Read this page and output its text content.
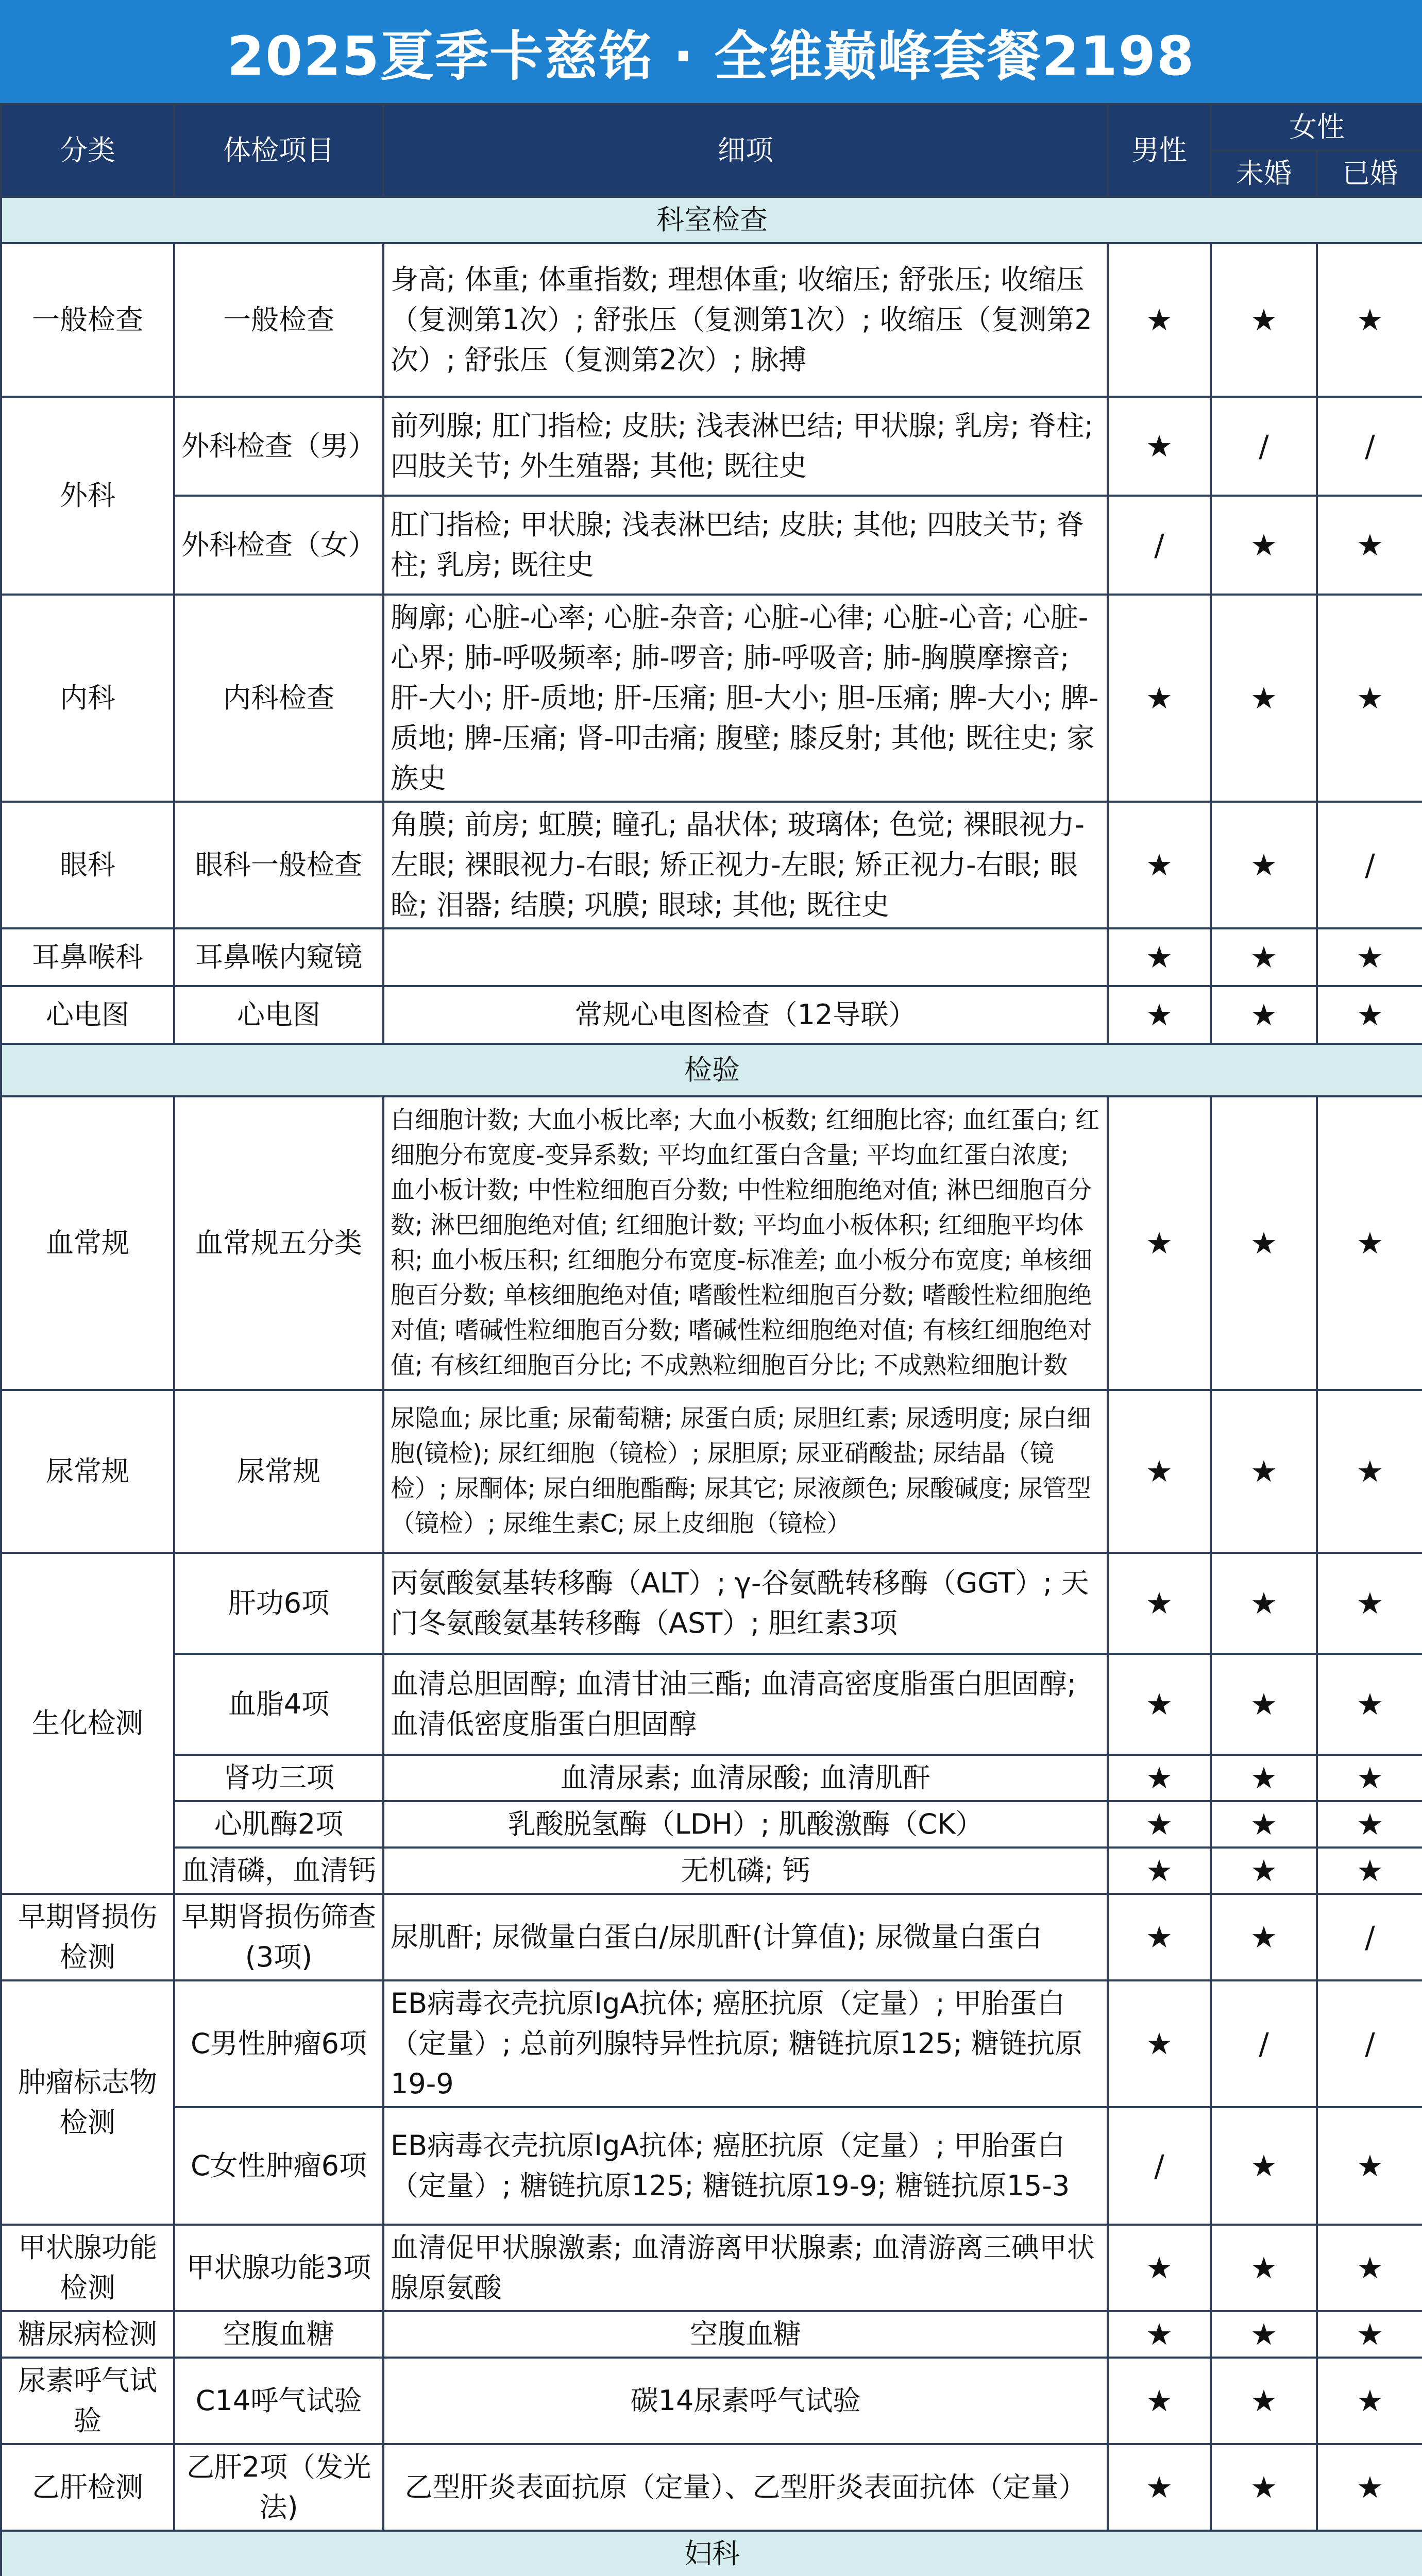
2025夏季卡慈铭 · 全维巅峰套餐2198
分类	体检项目	细项	男性	女性	
				未婚	已婚
科室检查					
一般检查	一般检查	身高; 体重; 体重指数; 理想体重; 收缩压; 舒张压; 收缩压（复测第1次）; 舒张压（复测第1次）; 收缩压（复测第2次）; 舒张压（复测第2次）; 脉搏	★	★	★
外科	外科检查（男）	前列腺; 肛门指检; 皮肤; 浅表淋巴结; 甲状腺; 乳房; 脊柱; 四肢关节; 外生殖器; 其他; 既往史	★	/	/
	外科检查（女）	肛门指检; 甲状腺; 浅表淋巴结; 皮肤; 其他; 四肢关节; 脊柱; 乳房; 既往史	/	★	★
内科	内科检查	胸廓; 心脏-心率; 心脏-杂音; 心脏-心律; 心脏-心音; 心脏-心界; 肺-呼吸频率; 肺-啰音; 肺-呼吸音; 肺-胸膜摩擦音; 肝-大小; 肝-质地; 肝-压痛; 胆-大小; 胆-压痛; 脾-大小; 脾-质地; 脾-压痛; 肾-叩击痛; 腹壁; 膝反射; 其他; 既往史; 家族史	★	★	★
眼科	眼科一般检查	角膜; 前房; 虹膜; 瞳孔; 晶状体; 玻璃体; 色觉; 裸眼视力-左眼; 裸眼视力-右眼; 矫正视力-左眼; 矫正视力-右眼; 眼睑; 泪器; 结膜; 巩膜; 眼球; 其他; 既往史	★	★	/
耳鼻喉科	耳鼻喉内窥镜		★	★	★
心电图	心电图	常规心电图检查（12导联）	★	★	★
检验					
血常规	血常规五分类	白细胞计数; 大血小板比率; 大血小板数; 红细胞比容; 血红蛋白; 红细胞分布宽度-变异系数; 平均血红蛋白含量; 平均血红蛋白浓度; 血小板计数; 中性粒细胞百分数; 中性粒细胞绝对值; 淋巴细胞百分数; 淋巴细胞绝对值; 红细胞计数; 平均血小板体积; 红细胞平均体积; 血小板压积; 红细胞分布宽度-标准差; 血小板分布宽度; 单核细胞百分数; 单核细胞绝对值; 嗜酸性粒细胞百分数; 嗜酸性粒细胞绝对值; 嗜碱性粒细胞百分数; 嗜碱性粒细胞绝对值; 有核红细胞绝对值; 有核红细胞百分比; 不成熟粒细胞百分比; 不成熟粒细胞计数	★	★	★
尿常规	尿常规	尿隐血; 尿比重; 尿葡萄糖; 尿蛋白质; 尿胆红素; 尿透明度; 尿白细胞(镜检); 尿红细胞（镜检）; 尿胆原; 尿亚硝酸盐; 尿结晶（镜检）; 尿酮体; 尿白细胞酯酶; 尿其它; 尿液颜色; 尿酸碱度; 尿管型（镜检）; 尿维生素C; 尿上皮细胞（镜检）	★	★	★
生化检测	肝功6项	丙氨酸氨基转移酶（ALT）; γ-谷氨酰转移酶（GGT）; 天门冬氨酸氨基转移酶（AST）; 胆红素3项	★	★	★
	血脂4项	血清总胆固醇; 血清甘油三酯; 血清高密度脂蛋白胆固醇; 血清低密度脂蛋白胆固醇	★	★	★
	肾功三项	血清尿素; 血清尿酸; 血清肌酐	★	★	★
	心肌酶2项	乳酸脱氢酶（LDH）; 肌酸激酶（CK）	★	★	★
	血清磷，血清钙	无机磷; 钙	★	★	★
早期肾损伤检测	早期肾损伤筛查(3项)	尿肌酐; 尿微量白蛋白/尿肌酐(计算值); 尿微量白蛋白	★	★	/
肿瘤标志物检测	C男性肿瘤6项	EB病毒衣壳抗原IgA抗体; 癌胚抗原（定量）; 甲胎蛋白（定量）; 总前列腺特异性抗原; 糖链抗原125; 糖链抗原19-9	★	/	/
	C女性肿瘤6项	EB病毒衣壳抗原IgA抗体; 癌胚抗原（定量）; 甲胎蛋白（定量）; 糖链抗原125; 糖链抗原19-9; 糖链抗原15-3	/	★	★
甲状腺功能检测	甲状腺功能3项	血清促甲状腺激素; 血清游离甲状腺素; 血清游离三碘甲状腺原氨酸	★	★	★
糖尿病检测	空腹血糖	空腹血糖	★	★	★
尿素呼气试验	C14呼气试验	碳14尿素呼气试验	★	★	★
乙肝检测	乙肝2项（发光法)	乙型肝炎表面抗原（定量）、乙型肝炎表面抗体（定量）	★	★	★
妇科					
